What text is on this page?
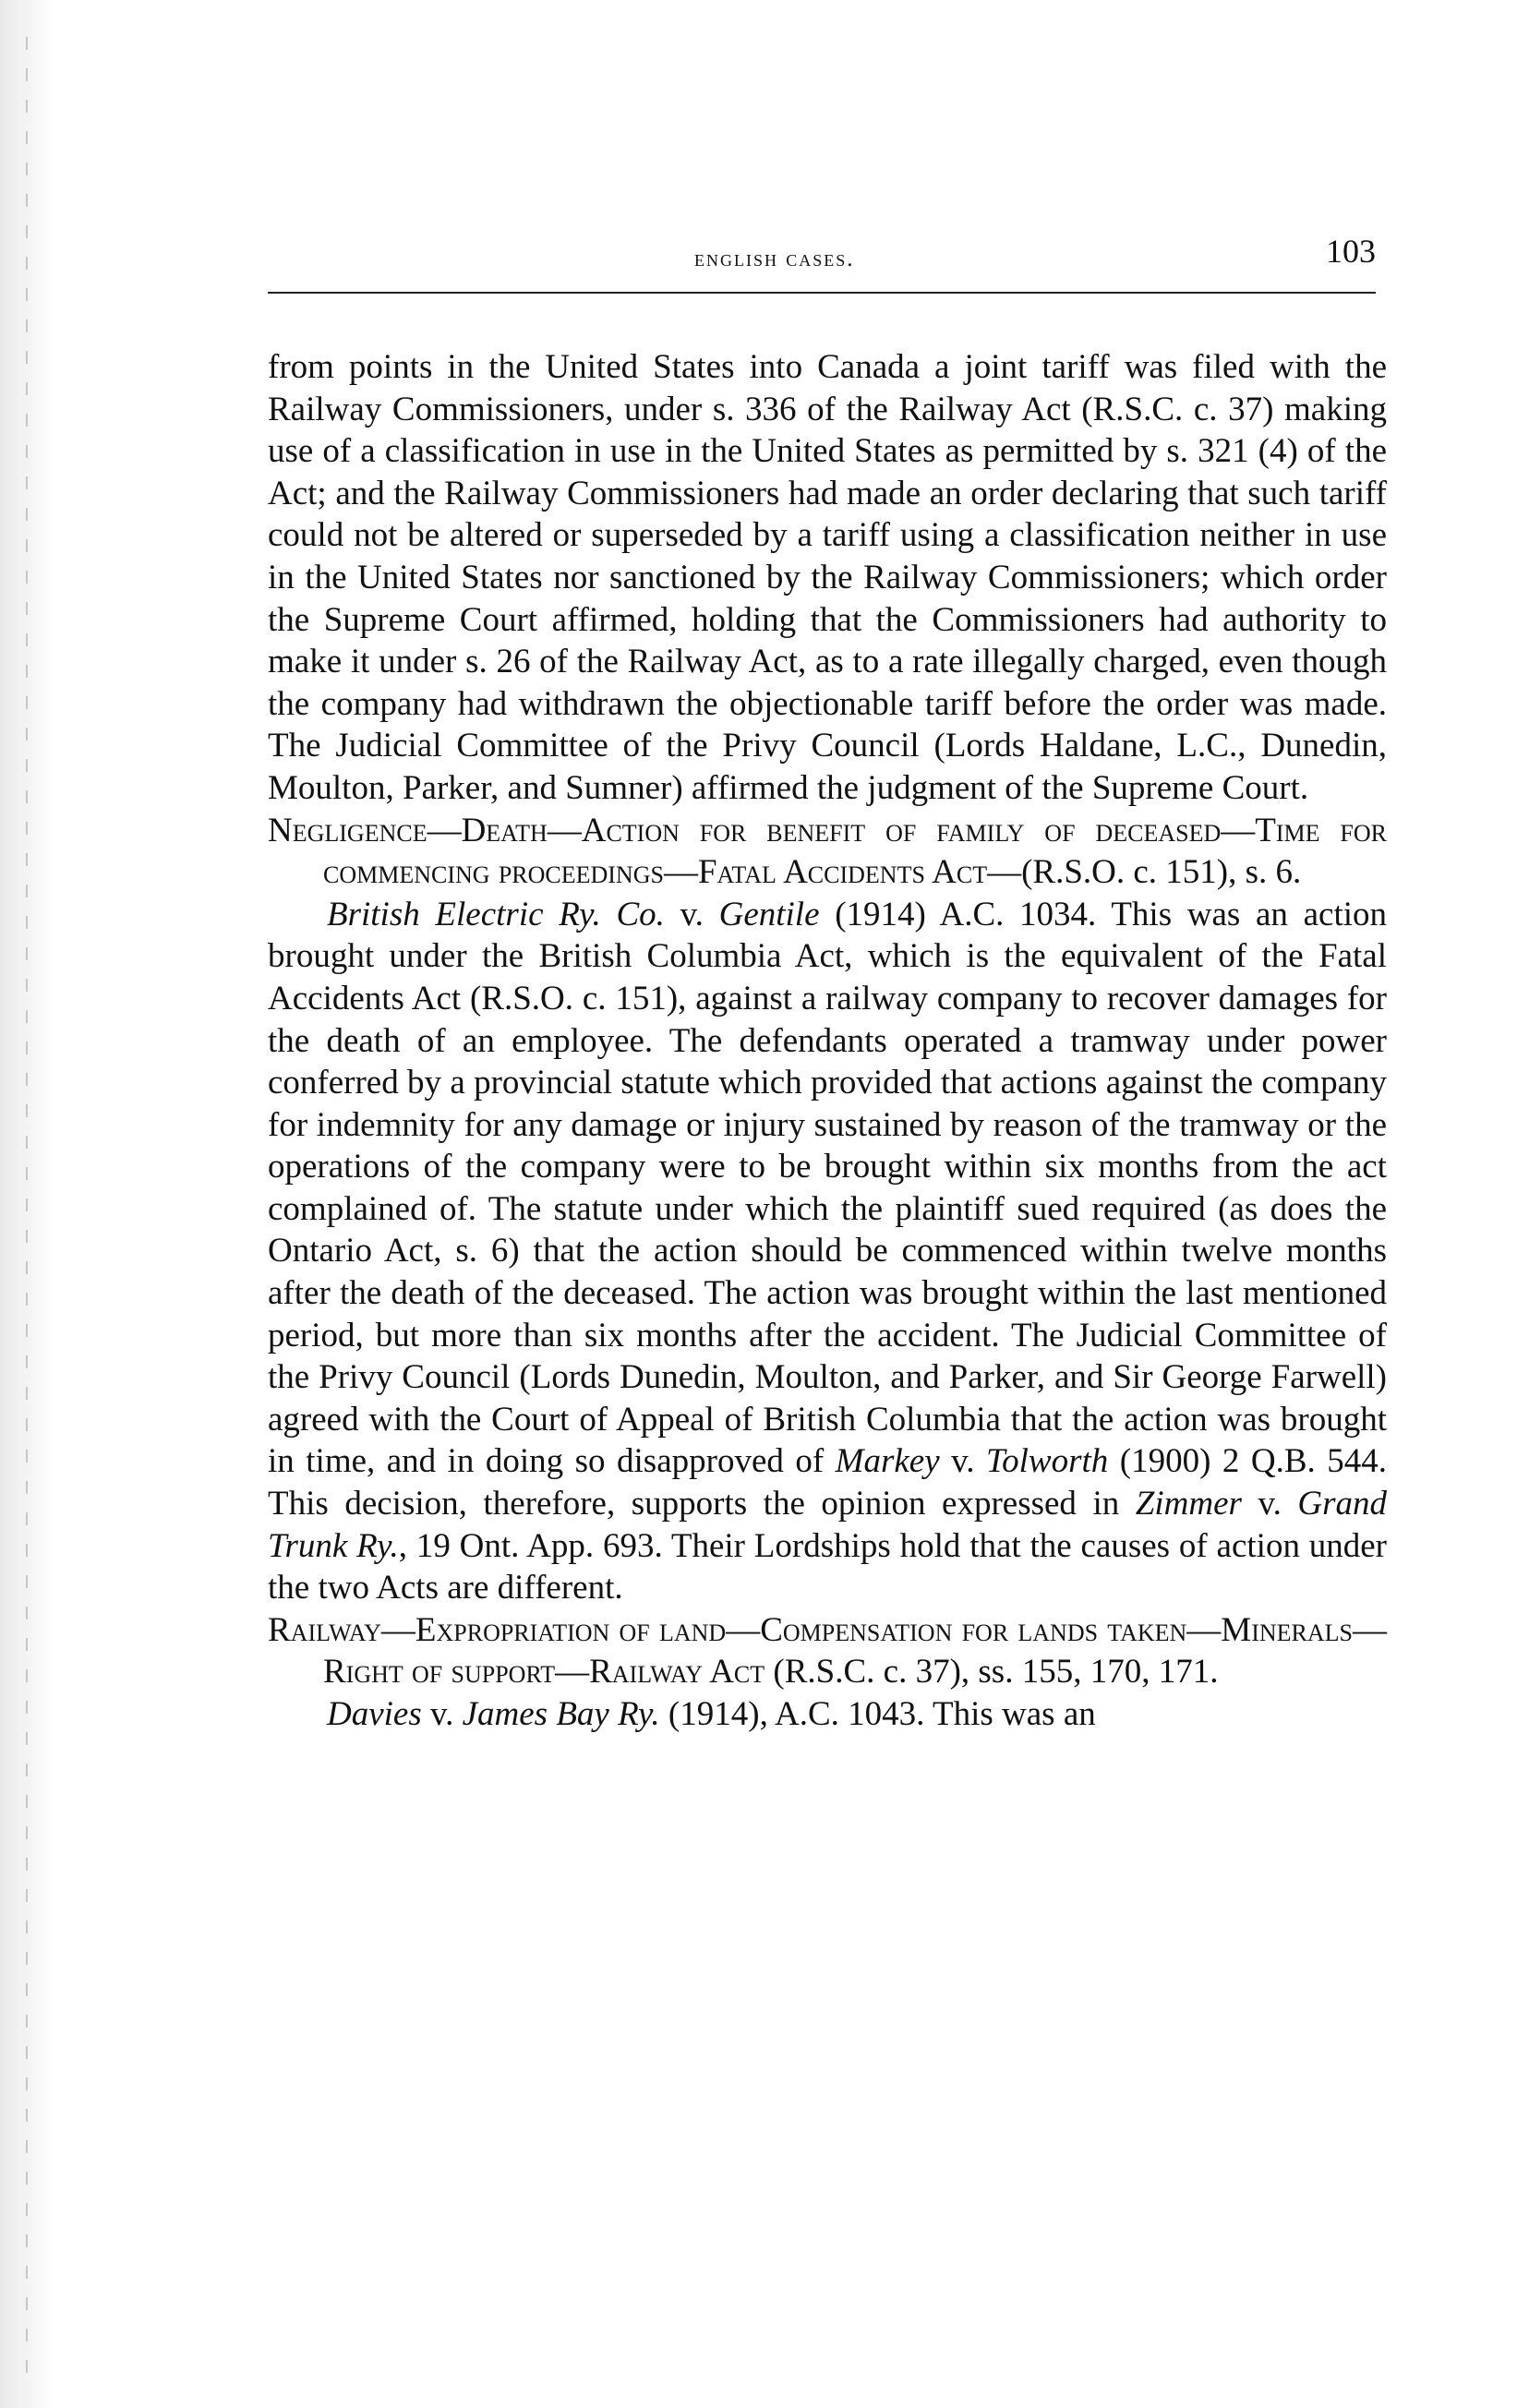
english cases.	103

from points in the United States into Canada a joint tariff was filed with the Railway Commissioners, under s. 336 of the Railway Act (R.S.C. c. 37) making use of a classification in use in the United States as permitted by s. 321 (4) of the Act; and the Railway Commissioners had made an order declaring that such tariff could not be altered or superseded by a tariff using a classification neither in use in the United States nor sanctioned by the Railway Commissioners; which order the Supreme Court affirmed, holding that the Commissioners had authority to make it under s. 26 of the Railway Act, as to a rate illegally charged, even though the company had withdrawn the objectionable tariff before the order was made. The Judicial Committee of the Privy Council (Lords Haldane, L.C., Dunedin, Moulton, Parker, and Sumner) affirmed the judgment of the Supreme Court.

Negligence—Death—Action for benefit of family of deceased—Time for commencing proceedings—Fatal Accidents Act—(R.S.O. c. 151), s. 6.

British Electric Ry. Co. v. Gentile (1914) A.C. 1034. This was an action brought under the British Columbia Act, which is the equivalent of the Fatal Accidents Act (R.S.O. c. 151), against a railway company to recover damages for the death of an employee. The defendants operated a tramway under power conferred by a provincial statute which provided that actions against the company for indemnity for any damage or injury sustained by reason of the tramway or the operations of the company were to be brought within six months from the act complained of. The statute under which the plaintiff sued required (as does the Ontario Act, s. 6) that the action should be commenced within twelve months after the death of the deceased. The action was brought within the last mentioned period, but more than six months after the accident. The Judicial Committee of the Privy Council (Lords Dunedin, Moulton, and Parker, and Sir George Farwell) agreed with the Court of Appeal of British Columbia that the action was brought in time, and in doing so disapproved of Markey v. Tolworth (1900) 2 Q.B. 544. This decision, therefore, supports the opinion expressed in Zimmer v. Grand Trunk Ry., 19 Ont. App. 693. Their Lordships hold that the causes of action under the two Acts are different.

Railway—Expropriation of land—Compensation for lands taken—Minerals—Right of support—Railway Act (R.S.C. c. 37), ss. 155, 170, 171.

Davies v. James Bay Ry. (1914), A.C. 1043. This was an
